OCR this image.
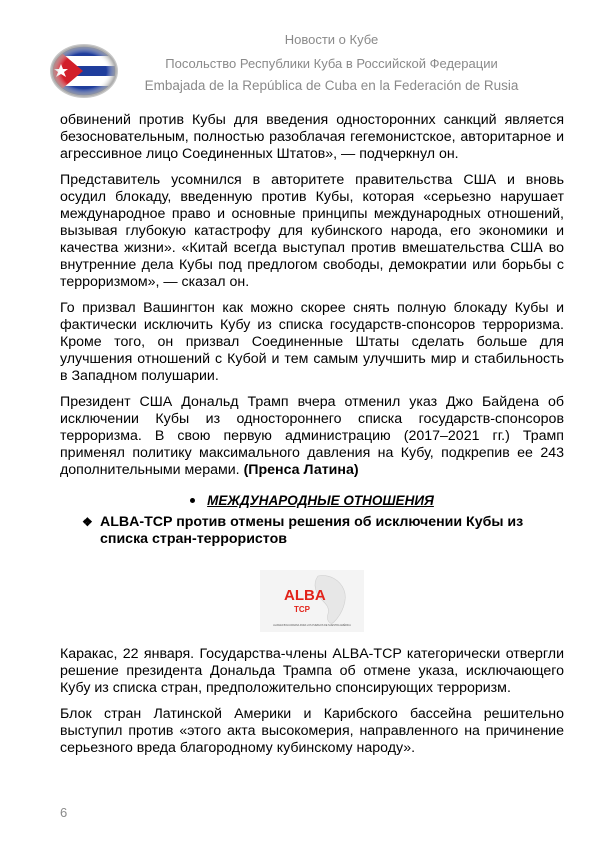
Новости о Кубе
Посольство Республики Куба в Российской Федерации
Embajada de la República de Cuba en la Federación de Rusia

обвинений против Кубы для введения односторонних санкций является безосновательным, полностью разоблачая гегемонистское, авторитарное и агрессивное лицо Соединенных Штатов», — подчеркнул он.

Представитель усомнился в авторитете правительства США и вновь осудил блокаду, введенную против Кубы, которая «серьезно нарушает международное право и основные принципы международных отношений, вызывая глубокую катастрофу для кубинского народа, его экономики и качества жизни». «Китай всегда выступал против вмешательства США во внутренние дела Кубы под предлогом свободы, демократии или борьбы с терроризмом», — сказал он.

Го призвал Вашингтон как можно скорее снять полную блокаду Кубы и фактически исключить Кубу из списка государств-спонсоров терроризма. Кроме того, он призвал Соединенные Штаты сделать больше для улучшения отношений с Кубой и тем самым улучшить мир и стабильность в Западном полушарии.

Президент США Дональд Трамп вчера отменил указ Джо Байдена об исключении Кубы из одностороннего списка государств-спонсоров терроризма. В свою первую администрацию (2017–2021 гг.) Трамп применял политику максимального давления на Кубу, подкрепив ее 243 дополнительными мерами. (Пренса Латина)

МЕЖДУНАРОДНЫЕ ОТНОШЕНИЯ
❖ ALBA-TCP против отмены решения об исключении Кубы из списка стран-террористов
ALBA
TCP
ALIANZA BOLIVARIANA PARA LOS PUEBLOS DE NUESTRA AMÉRICA

Каракас, 22 января. Государства-члены ALBA-TCP категорически отвергли решение президента Дональда Трампа об отмене указа, исключающего Кубу из списка стран, предположительно спонсирующих терроризм.

Блок стран Латинской Америки и Карибского бассейна решительно выступил против «этого акта высокомерия, направленного на причинение серьезного вреда благородному кубинскому народу».

6
